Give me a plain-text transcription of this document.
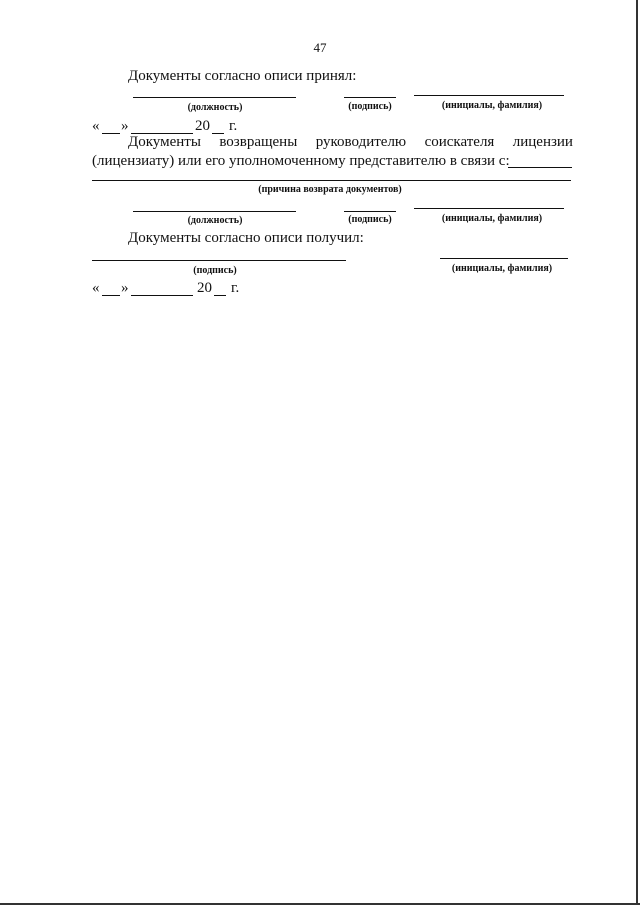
47
Документы согласно описи принял:
(должность)	(подпись)	(инициалы, фамилия)
« »	20 г.
Документы возвращены руководителю соискателя лицензии
(лицензиату) или его уполномоченному представителю в связи с:
(причина возврата документов)
(должность)	(подпись)	(инициалы, фамилия)
Документы согласно описи получил:
(подпись)	(инициалы, фамилия)
« »	20 г.
